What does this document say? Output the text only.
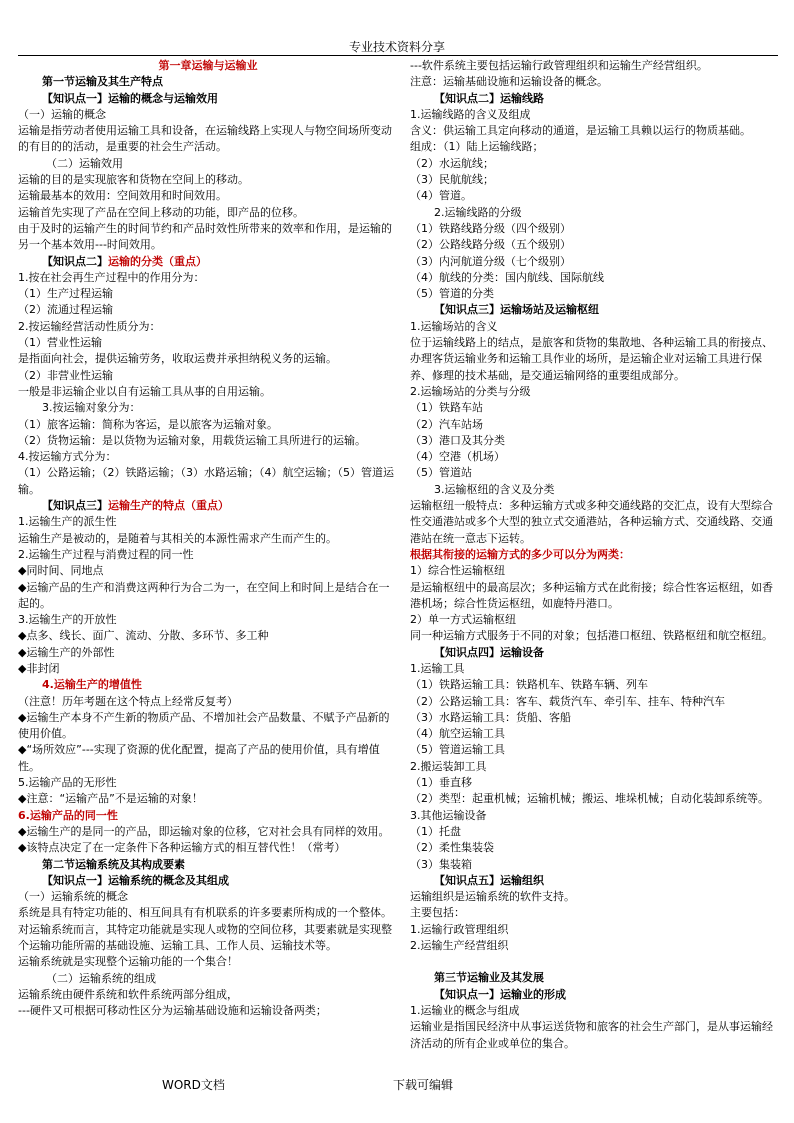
专业技术资料分享
第一章运输与运输业
第一节运输及其生产特点
【知识点一】运输的概念与运输效用
（一）运输的概念
运输是指劳动者使用运输工具和设备，在运输线路上实现人与物空间场所变动的有目的的活动，是重要的社会生产活动。
（二）运输效用
运输的目的是实现旅客和货物在空间上的移动。
运输最基本的效用：空间效用和时间效用。
运输首先实现了产品在空间上移动的功能，即产品的位移。
由于及时的运输产生的时间节约和产品时效性所带来的效率和作用，是运输的另一个基本效用---时间效用。
【知识点二】运输的分类（重点）
1.按在社会再生产过程中的作用分为：
（1）生产过程运输
（2）流通过程运输
2.按运输经营活动性质分为：
（1）营业性运输
是指面向社会，提供运输劳务，收取运费并承担纳税义务的运输。
（2）非营业性运输
一般是非运输企业以自有运输工具从事的自用运输。
3.按运输对象分为：
（1）旅客运输：简称为客运，是以旅客为运输对象。
（2）货物运输：是以货物为运输对象，用载货运输工具所进行的运输。
4.按运输方式分为：
（1）公路运输；（2）铁路运输；（3）水路运输；（4）航空运输；（5）管道运输。
【知识点三】运输生产的特点（重点）
1.运输生产的派生性
运输生产是被动的，是随着与其相关的本源性需求产生而产生的。
2.运输生产过程与消费过程的同一性
◆同时间、同地点
◆运输产品的生产和消费这两种行为合二为一，在空间上和时间上是结合在一起的。
3.运输生产的开放性
◆点多、线长、面广、流动、分散、多环节、多工种
◆运输生产的外部性
◆非封闭
4.运输生产的增值性
（注意！历年考题在这个特点上经常反复考）
◆运输生产本身不产生新的物质产品、不增加社会产品数量、不赋予产品新的使用价值。
◆“场所效应”---实现了资源的优化配置，提高了产品的使用价值，具有增值性。
5.运输产品的无形性
◆注意：“运输产品”不是运输的对象！
6.运输产品的同一性
◆运输生产的是同一的产品，即运输对象的位移，它对社会具有同样的效用。
◆该特点决定了在一定条件下各种运输方式的相互替代性！（常考）
第二节运输系统及其构成要素
【知识点一】运输系统的概念及其组成
（一）运输系统的概念
系统是具有特定功能的、相互间具有有机联系的许多要素所构成的一个整体。
对运输系统而言，其特定功能就是实现人或物的空间位移，其要素就是实现整个运输功能所需的基础设施、运输工具、工作人员、运输技术等。
运输系统就是实现整个运输功能的一个集合！
（二）运输系统的组成
运输系统由硬件系统和软件系统两部分组成，
---硬件又可根据可移动性区分为运输基础设施和运输设备两类；
---软件系统主要包括运输行政管理组织和运输生产经营组织。
注意：运输基础设施和运输设备的概念。
【知识点二】运输线路
1.运输线路的含义及组成
含义：供运输工具定向移动的通道，是运输工具赖以运行的物质基础。
组成：（1）陆上运输线路；
（2）水运航线；
（3）民航航线；
（4）管道。
2.运输线路的分级
（1）铁路线路分级（四个级别）
（2）公路线路分级（五个级别）
（3）内河航道分级（七个级别）
（4）航线的分类：国内航线、国际航线
（5）管道的分类
【知识点三】运输场站及运输枢纽
1.运输场站的含义
位于运输线路上的结点，是旅客和货物的集散地、各种运输工具的衔接点、办理客货运输业务和运输工具作业的场所，是运输企业对运输工具进行保养、修理的技术基础，是交通运输网络的重要组成部分。
2.运输场站的分类与分级
（1）铁路车站
（2）汽车站场
（3）港口及其分类
（4）空港（机场）
（5）管道站
3.运输枢纽的含义及分类
运输枢纽一般特点：多种运输方式或多种交通线路的交汇点，设有大型综合性交通港站或多个大型的独立式交通港站，各种运输方式、交通线路、交通港站在统一意志下运转。
根据其衔接的运输方式的多少可以分为两类：
1）综合性运输枢纽
是运输枢纽中的最高层次；多种运输方式在此衔接；综合性客运枢纽，如香港机场；综合性货运枢纽，如鹿特丹港口。
2）单一方式运输枢纽
同一种运输方式服务于不同的对象；包括港口枢纽、铁路枢纽和航空枢纽。
【知识点四】运输设备
1.运输工具
（1）铁路运输工具：铁路机车、铁路车辆、列车
（2）公路运输工具：客车、载货汽车、牵引车、挂车、特种汽车
（3）水路运输工具：货船、客船
（4）航空运输工具
（5）管道运输工具
2.搬运装卸工具
（1）垂直移
（2）类型：起重机械；运输机械；搬运、堆垛机械；自动化装卸系统等。
3.其他运输设备
（1）托盘
（2）柔性集装袋
（3）集装箱
【知识点五】运输组织
运输组织是运输系统的软件支持。
主要包括：
1.运输行政管理组织
2.运输生产经营组织
第三节运输业及其发展
【知识点一】运输业的形成
1.运输业的概念与组成
运输业是指国民经济中从事运送货物和旅客的社会生产部门，是从事运输经济活动的所有企业或单位的集合。
WORD文档	下载可编辑
